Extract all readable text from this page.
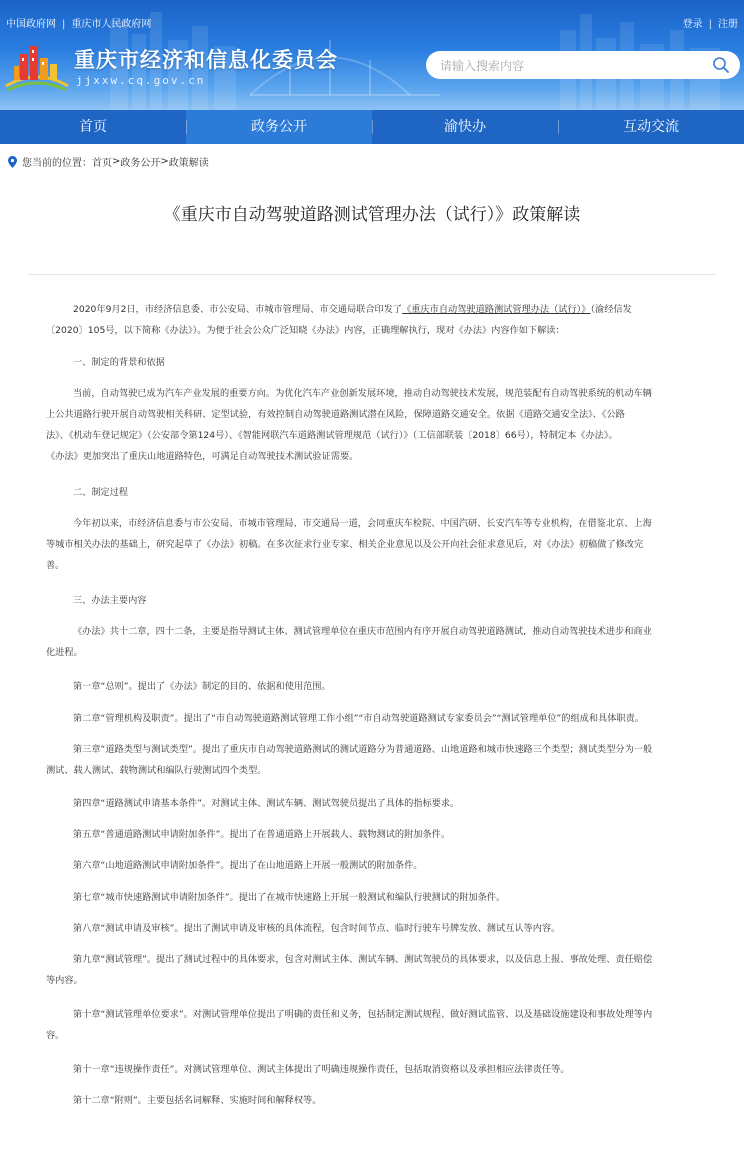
中国政府网 | 重庆市人民政府网	登录 | 注册
重庆市经济和信息化委员会
jjxxw.cq.gov.cn
请输入搜索内容
首页	政务公开	渝快办	互动交流
您当前的位置： 首页 > 政务公开 > 政策解读
《重庆市自动驾驶道路测试管理办法（试行）》政策解读
2020年9月2日，市经济信息委、市公安局、市城市管理局、市交通局联合印发了《重庆市自动驾驶道路测试管理办法（试行）》（渝经信发
〔2020〕105号，以下简称《办法》）。为便于社会公众广泛知晓《办法》内容，正确理解执行，现对《办法》内容作如下解读：
一、制定的背景和依据
当前，自动驾驶已成为汽车产业发展的重要方向。为优化汽车产业创新发展环境，推动自动驾驶技术发展，规范装配有自动驾驶系统的机动车辆
上公共道路行驶开展自动驾驶相关科研、定型试验，有效控制自动驾驶道路测试潜在风险，保障道路交通安全。依据《道路交通安全法》、《公路
法》、《机动车登记规定》（公安部令第124号）、《智能网联汽车道路测试管理规范（试行）》（工信部联装〔2018〕66号），特制定本《办法》。
《办法》更加突出了重庆山地道路特色，可满足自动驾驶技术测试验证需要。
二、制定过程
今年初以来，市经济信息委与市公安局、市城市管理局、市交通局一道，会同重庆车检院、中国汽研、长安汽车等专业机构，在借鉴北京、上海
等城市相关办法的基础上，研究起草了《办法》初稿。在多次征求行业专家、相关企业意见以及公开向社会征求意见后，对《办法》初稿做了修改完
善。
三、办法主要内容
《办法》共十二章，四十二条，主要是指导测试主体、测试管理单位在重庆市范围内有序开展自动驾驶道路测试，推动自动驾驶技术进步和商业
化进程。
第一章“总则”。提出了《办法》制定的目的、依据和使用范围。
第二章“管理机构及职责”。提出了“市自动驾驶道路测试管理工作小组”“市自动驾驶道路测试专家委员会”“测试管理单位”的组成和具体职责。
第三章“道路类型与测试类型”。提出了重庆市自动驾驶道路测试的测试道路分为普通道路、山地道路和城市快速路三个类型；测试类型分为一般
测试、载人测试、载物测试和编队行驶测试四个类型。
第四章“道路测试申请基本条件”。对测试主体、测试车辆、测试驾驶员提出了具体的指标要求。
第五章“普通道路测试申请附加条件”。提出了在普通道路上开展载人、载物测试的附加条件。
第六章“山地道路测试申请附加条件”。提出了在山地道路上开展一般测试的附加条件。
第七章“城市快速路测试申请附加条件”。提出了在城市快速路上开展一般测试和编队行驶测试的附加条件。
第八章“测试申请及审核”。提出了测试申请及审核的具体流程，包含时间节点、临时行驶车号牌发放、测试互认等内容。
第九章“测试管理”。提出了测试过程中的具体要求，包含对测试主体、测试车辆、测试驾驶员的具体要求，以及信息上报、事故处理、责任赔偿
等内容。
第十章“测试管理单位要求”。对测试管理单位提出了明确的责任和义务，包括制定测试规程、做好测试监管、以及基础设施建设和事故处理等内
容。
第十一章“违规操作责任”。对测试管理单位、测试主体提出了明确违规操作责任，包括取消资格以及承担相应法律责任等。
第十二章“附则”。主要包括名词解释、实施时间和解释权等。
